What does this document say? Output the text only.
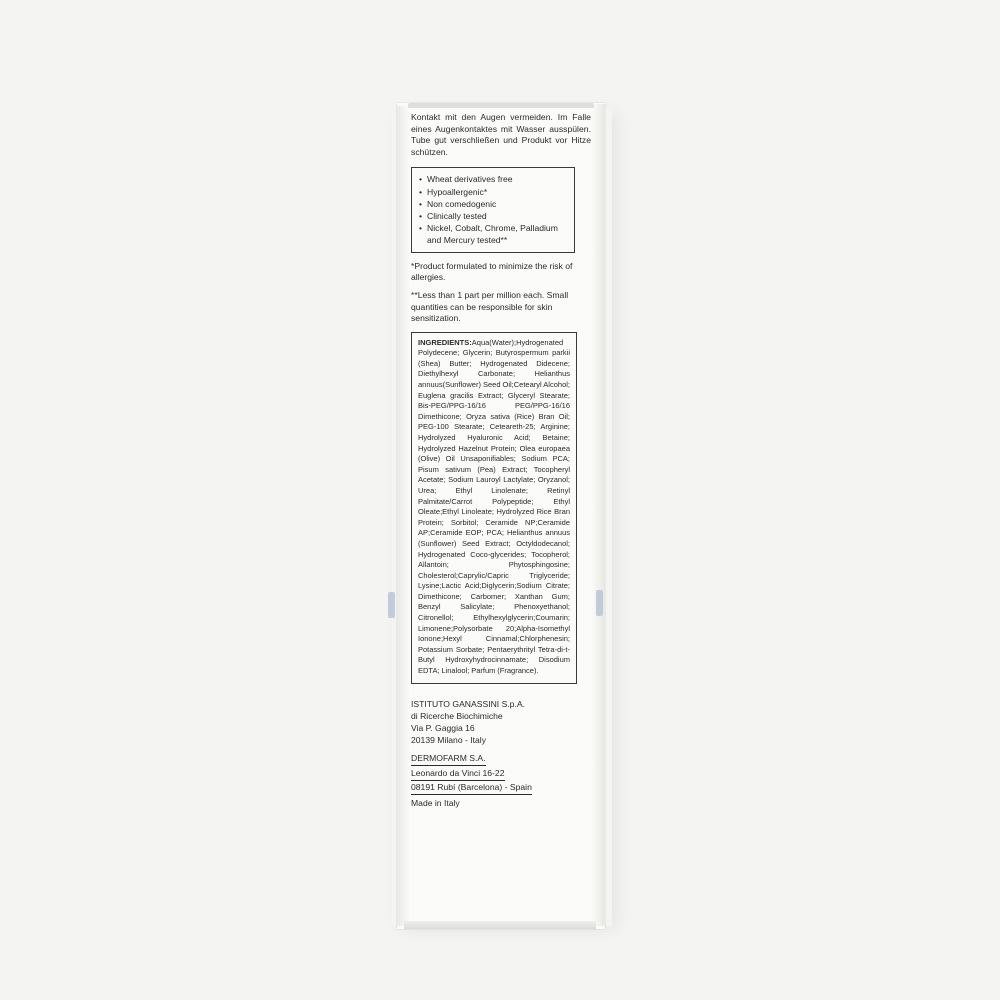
Kontakt mit den Augen vermeiden. Im Falle eines Augenkontaktes mit Wasser ausspülen. Tube gut verschließen und Produkt vor Hitze schützen.
• Wheat derivatives free
• Hypoallergenic*
• Non comedogenic
• Clinically tested
• Nickel, Cobalt, Chrome, Palladium and Mercury tested**
*Product formulated to minimize the risk of allergies.
**Less than 1 part per million each. Small quantities can be responsible for skin sensitization.
INGREDIENTS:Aqua(Water);Hydrogenated Polydecene; Glycerin; Butyrospermum parkii (Shea) Butter; Hydrogenated Didecene; Diethylhexyl Carbonate; Helianthus annuus(Sunflower) Seed Oil;Cetearyl Alcohol; Euglena gracilis Extract; Glyceryl Stearate; Bis-PEG/PPG-16/16 PEG/PPG-16/16 Dimethicone; Oryza sativa (Rice) Bran Oil; PEG-100 Stearate; Ceteareth-25; Arginine; Hydrolyzed Hyaluronic Acid; Betaine; Hydrolyzed Hazelnut Protein; Olea europaea (Olive) Oil Unsaponifiables; Sodium PCA; Pisum sativum (Pea) Extract; Tocopheryl Acetate; Sodium Lauroyl Lactylate; Oryzanol; Urea; Ethyl Linolenate; Retinyl Palmitate/Carrot Polypeptide; Ethyl Oleate;Ethyl Linoleate; Hydrolyzed Rice Bran Protein; Sorbitol; Ceramide NP;Ceramide AP;Ceramide EOP; PCA; Helianthus annuus (Sunflower) Seed Extract; Octyldodecanol; Hydrogenated Coco-glycerides; Tocopherol; Allantoin; Phytosphingosine; Cholesterol;Caprylic/Capric Triglyceride; Lysine;Lactic Acid;Diglycerin;Sodium Citrate; Dimethicone; Carbomer; Xanthan Gum; Benzyl Salicylate; Phenoxyethanol; Citronellol; Ethylhexylglycerin;Coumarin; Limonene;Polysorbate 20;Alpha-Isomethyl Ionone;Hexyl Cinnamal;Chlorphenesin; Potassium Sorbate; Pentaerythrityl Tetra-di-t-Butyl Hydroxyhydrocinnamate; Disodium EDTA; Linalool; Parfum (Fragrance).
ISTITUTO GANASSINI S.p.A.
di Ricerche Biochimiche
Via P. Gaggia 16
20139 Milano - Italy
DERMOFARM S.A.
Leonardo da Vinci 16-22
08191 Rubí (Barcelona) - Spain
Made in Italy
